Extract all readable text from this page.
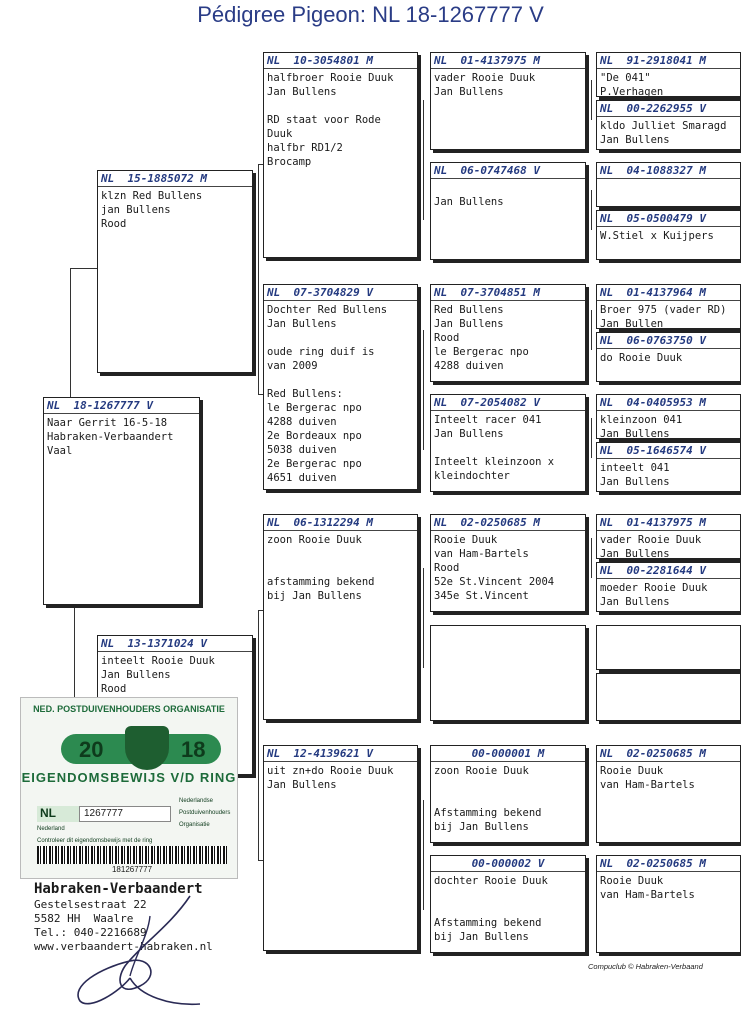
Pédigree Pigeon: NL 18-1267777 V
NL  18-1267777 V
Naar Gerrit 16-5-18
Habraken-Verbaandert
Vaal
NL  15-1885072 M
klzn Red Bullens
jan Bullens
Rood
NL  13-1371024 V
inteelt Rooie Duuk
Jan Bullens
Rood
NL  10-3054801 M
halfbroer Rooie Duuk
Jan Bullens
RD staat voor Rode
Duuk
halfbr RD1/2
Brocamp
NL  07-3704829 V
Dochter Red Bullens
Jan Bullens
oude ring duif is
van 2009
Red Bullens:
le Bergerac npo
4288 duiven
2e Bordeaux npo
5038 duiven
2e Bergerac npo
4651 duiven
NL  06-1312294 M
zoon Rooie Duuk
afstamming bekend
bij Jan Bullens
NL  12-4139621 V
uit zn+do Rooie Duuk
Jan Bullens
NL  01-4137975 M
vader Rooie Duuk
Jan Bullens
NL  06-0747468 V
Jan Bullens
NL  07-3704851 M
Red Bullens
Jan Bullens
Rood
le Bergerac npo
4288 duiven
NL  07-2054082 V
Inteelt racer 041
Jan Bullens
Inteelt kleinzoon x
kleindochter
NL  02-0250685 M
Rooie Duuk
van Ham-Bartels
Rood
52e St.Vincent 2004
345e St.Vincent
00-000001 M
zoon Rooie Duuk
Afstamming bekend
bij Jan Bullens
00-000002 V
dochter Rooie Duuk
Afstamming bekend
bij Jan Bullens
NL  91-2918041 M
"De 041"
P.Verhagen
NL  00-2262955 V
kldo Julliet Smaragd
Jan Bullens
NL  04-1088327 M
NL  05-0500479 V
W.Stiel x Kuijpers
NL  01-4137964 M
Broer 975 (vader RD)
Jan Bullen
NL  06-0763750 V
do Rooie Duuk
NL  04-0405953 M
kleinzoon 041
Jan Bullens
NL  05-1646574 V
inteelt 041
Jan Bullens
NL  01-4137975 M
vader Rooie Duuk
Jan Bullens
NL  00-2281644 V
moeder Rooie Duuk
Jan Bullens
NL  02-0250685 M
Rooie Duuk
van Ham-Bartels
NL  02-0250685 M
Rooie Duuk
van Ham-Bartels
NED. POSTDUIVENHOUDERS ORGANISATIE
20	18
EIGENDOMSBEWIJS V/D RING
NL	1267777
Nederlandse
Postduivenhouders
Organisatie
Nederland
Controleer dit eigendomsbewijs met de ring
181267777
Habraken-Verbaandert
Gestelsestraat 22
5582 HH  Waalre
Tel.: 040-2216689
www.verbaandert-habraken.nl
Compuclub © Habraken-Verbaand
